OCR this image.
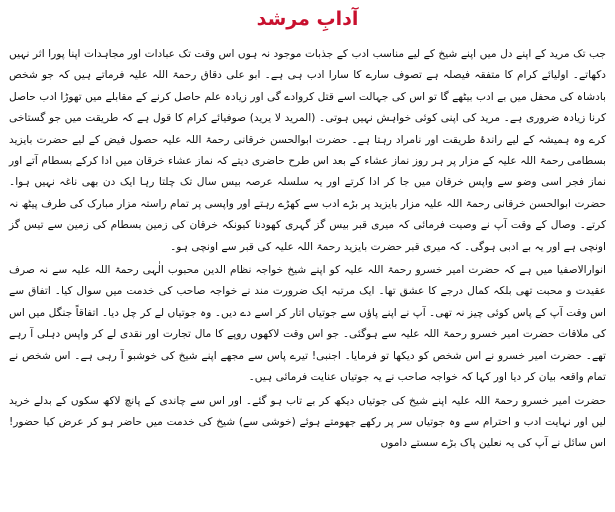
آدابِ مرشد

جب تک مرید کے اپنے دل میں اپنے شیخ کے لیے مناسب ادب کے جذبات موجود نہ ہوں اس وقت تک عبادات اور مجاہدات اپنا پورا اثر نہیں دکھاتے۔ اولیائے کرام کا متفقہ فیصلہ ہے تصوف سارے کا سارا ادب ہی ہے۔ ابو علی دقاق رحمۃ اللہ علیہ فرماتے ہیں کہ جو شخص بادشاہ کی محفل میں بے ادب بیٹھے گا تو اس کی جہالت اسے قتل کروادے گی اور زیادہ علم حاصل کرنے کے مقابلے میں تھوڑا ادب حاصل کرنا زیادہ ضروری ہے۔ مرید کی اپنی کوئی خواہش نہیں ہوتی۔ (المرید لا یرید) صوفیائے کرام کا قول ہے کہ طریقت میں جو گستاخی کرے وہ ہمیشہ کے لیے راندۂ طریقت اور نامراد رہتا ہے۔ حضرت ابوالحسن خرقانی رحمۃ اللہ علیہ حصول فیض کے لیے حضرت بایزید بسطامی رحمۃ اللہ علیہ کے مزار پر ہر روز نماز عشاء کے بعد اس طرح حاضری دیتے کہ نماز عشاء خرقان میں ادا کرکے بسطام آتے اور نماز فجر اسی وضو سے واپس خرقان میں جا کر ادا کرتے اور یہ سلسلہ عرصہ بیس سال تک چلتا رہا ایک دن بھی ناغہ نہیں ہوا۔ حضرت ابوالحسن خرقانی رحمۃ اللہ علیہ مزار بایزید پر بڑے ادب سے کھڑے رہتے اور واپسی پر تمام راستہ مزار مبارک کی طرف پیٹھ نہ کرتے۔ وصال کے وقت آپ نے وصیت فرمائی کہ میری قبر بیس گز گہری کھودنا کیونکہ خرقان کی زمین بسطام کی زمین سے تیس گز اونچی ہے اور یہ بے ادبی ہوگی۔ کہ میری قبر حضرت بایزید رحمۃ اللہ علیہ کی قبر سے اونچی ہو۔

انوارالاصفیا میں ہے کہ حضرت امیر خسرو رحمۃ اللہ علیہ کو اپنے شیخ خواجہ نظام الدین محبوب الٰہی رحمۃ اللہ علیہ سے نہ صرف عقیدت و محبت تھی بلکہ کمال درجے کا عشق تھا۔ ایک مرتبہ ایک ضرورت مند نے خواجہ صاحب کی خدمت میں سوال کیا۔ اتفاق سے اس وقت آپ کے پاس کوئی چیز نہ تھی۔ آپ نے اپنے پاؤں سے جوتیاں اتار کر اسے دے دیں۔ وہ جوتیاں لے کر چل دیا۔ اتفاقاً جنگل میں اس کی ملاقات حضرت امیر خسرو رحمۃ اللہ علیہ سے ہوگئی۔ جو اس وقت لاکھوں روپے کا مال تجارت اور نقدی لے کر واپس دہلی آ رہے تھے۔ حضرت امیر خسرو نے اس شخص کو دیکھا تو فرمایا۔ اجنبی! تیرے پاس سے مجھے اپنے شیخ کی خوشبو آ رہی ہے۔ اس شخص نے تمام واقعہ بیان کر دیا اور کہا کہ خواجہ صاحب نے یہ جوتیاں عنایت فرمائی ہیں۔

حضرت امیر خسرو رحمۃ اللہ علیہ اپنے شیخ کی جوتیاں دیکھ کر بے تاب ہو گئے۔ اور اس سے چاندی کے پانچ لاکھ سکوں کے بدلے خرید لیں اور نہایت ادب و احترام سے وہ جوتیاں سر پر رکھے جھومتے ہوئے (خوشی سے) شیخ کی خدمت میں حاضر ہو کر عرض کیا حضور! اس سائل نے آپ کی یہ نعلین پاک بڑے سستے داموں
